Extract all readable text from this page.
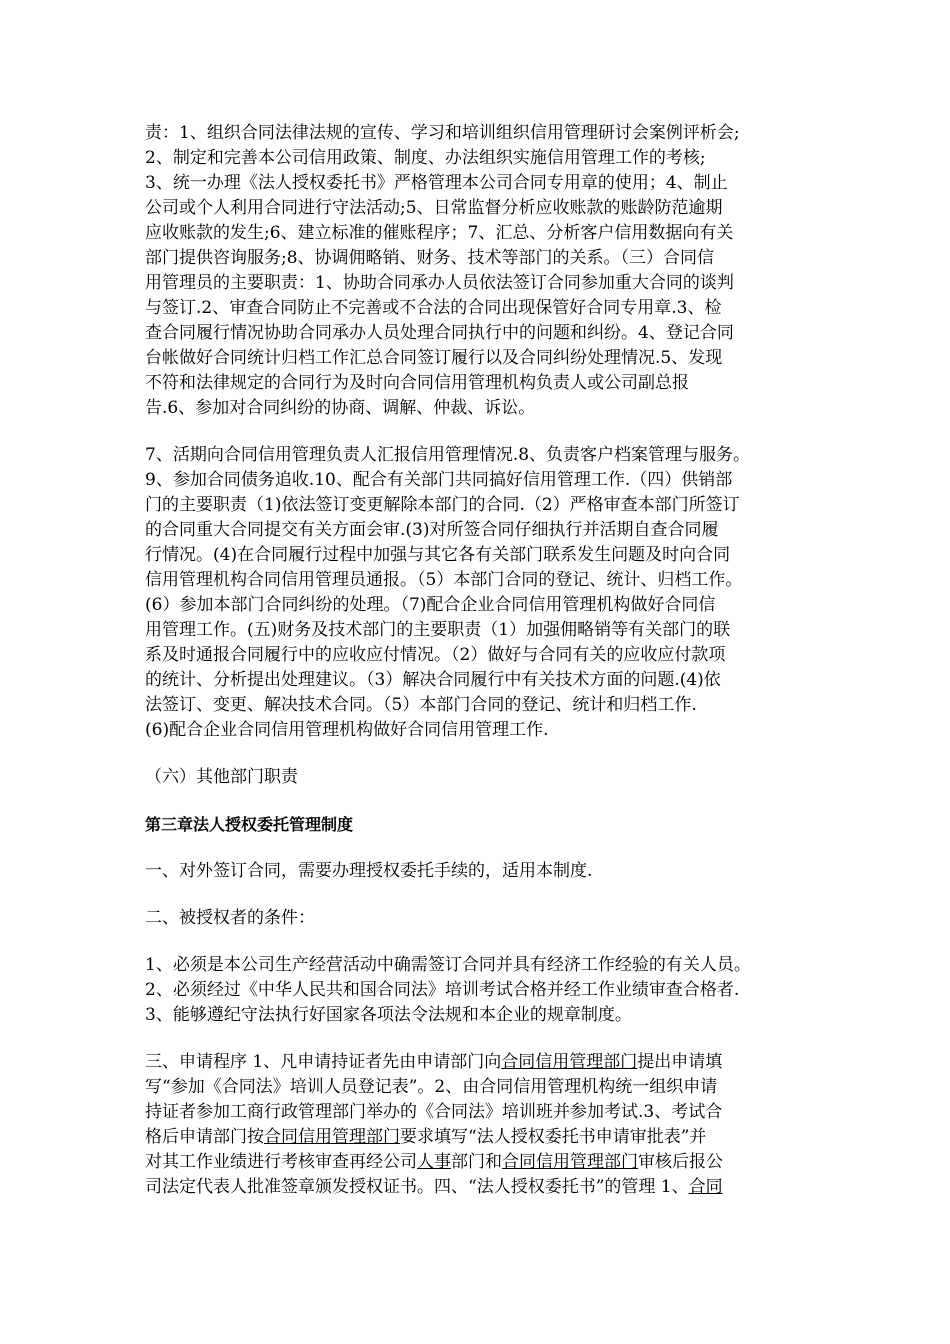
责：1、组织合同法律法规的宣传、学习和培训组织信用管理研讨会案例评析会;
2、制定和完善本公司信用政策、制度、办法组织实施信用管理工作的考核;
3、统一办理《法人授权委托书》严格管理本公司合同专用章的使用；4、制止
公司或个人利用合同进行守法活动;5、日常监督分析应收账款的账龄防范逾期
应收账款的发生;6、建立标准的催账程序；7、汇总、分析客户信用数据向有关
部门提供咨询服务;8、协调佣略销、财务、技术等部门的关系。（三）合同信
用管理员的主要职责：1、协助合同承办人员依法签订合同参加重大合同的谈判
与签订.2、审查合同防止不完善或不合法的合同出现保管好合同专用章.3、检
查合同履行情况协助合同承办人员处理合同执行中的问题和纠纷。4、登记合同
台帐做好合同统计归档工作汇总合同签订履行以及合同纠纷处理情况.5、发现
不符和法律规定的合同行为及时向合同信用管理机构负责人或公司副总报
告.6、参加对合同纠纷的协商、调解、仲裁、诉讼。
7、活期向合同信用管理负责人汇报信用管理情况.8、负责客户档案管理与服务。
9、参加合同债务追收.10、配合有关部门共同搞好信用管理工作.（四）供销部
门的主要职责（1)依法签订变更解除本部门的合同.（2）严格审查本部门所签订
的合同重大合同提交有关方面会审.(3)对所签合同仔细执行并活期自查合同履
行情况。(4)在合同履行过程中加强与其它各有关部门联系发生问题及时向合同
信用管理机构合同信用管理员通报。（5）本部门合同的登记、统计、归档工作。
(6）参加本部门合同纠纷的处理。（7)配合企业合同信用管理机构做好合同信
用管理工作。(五)财务及技术部门的主要职责（1）加强佣略销等有关部门的联
系及时通报合同履行中的应收应付情况。（2）做好与合同有关的应收应付款项
的统计、分析提出处理建议。（3）解决合同履行中有关技术方面的问题.(4)依
法签订、变更、解决技术合同。（5）本部门合同的登记、统计和归档工作.
(6)配合企业合同信用管理机构做好合同信用管理工作.
（六）其他部门职责
第三章法人授权委托管理制度
一、对外签订合同，需要办理授权委托手续的，适用本制度.
二、被授权者的条件：
1、必须是本公司生产经营活动中确需签订合同并具有经济工作经验的有关人员。
2、必须经过《中华人民共和国合同法》培训考试合格并经工作业绩审查合格者.
3、能够遵纪守法执行好国家各项法令法规和本企业的规章制度。
三、申请程序 1、凡申请持证者先由申请部门向合同信用管理部门提出申请填
写“参加《合同法》培训人员登记表”。2、由合同信用管理机构统一组织申请
持证者参加工商行政管理部门举办的《合同法》培训班并参加考试.3、考试合
格后申请部门按合同信用管理部门要求填写“法人授权委托书申请审批表”并
对其工作业绩进行考核审查再经公司人事部门和合同信用管理部门审核后报公
司法定代表人批准签章颁发授权证书。四、“法人授权委托书”的管理 1、合同
